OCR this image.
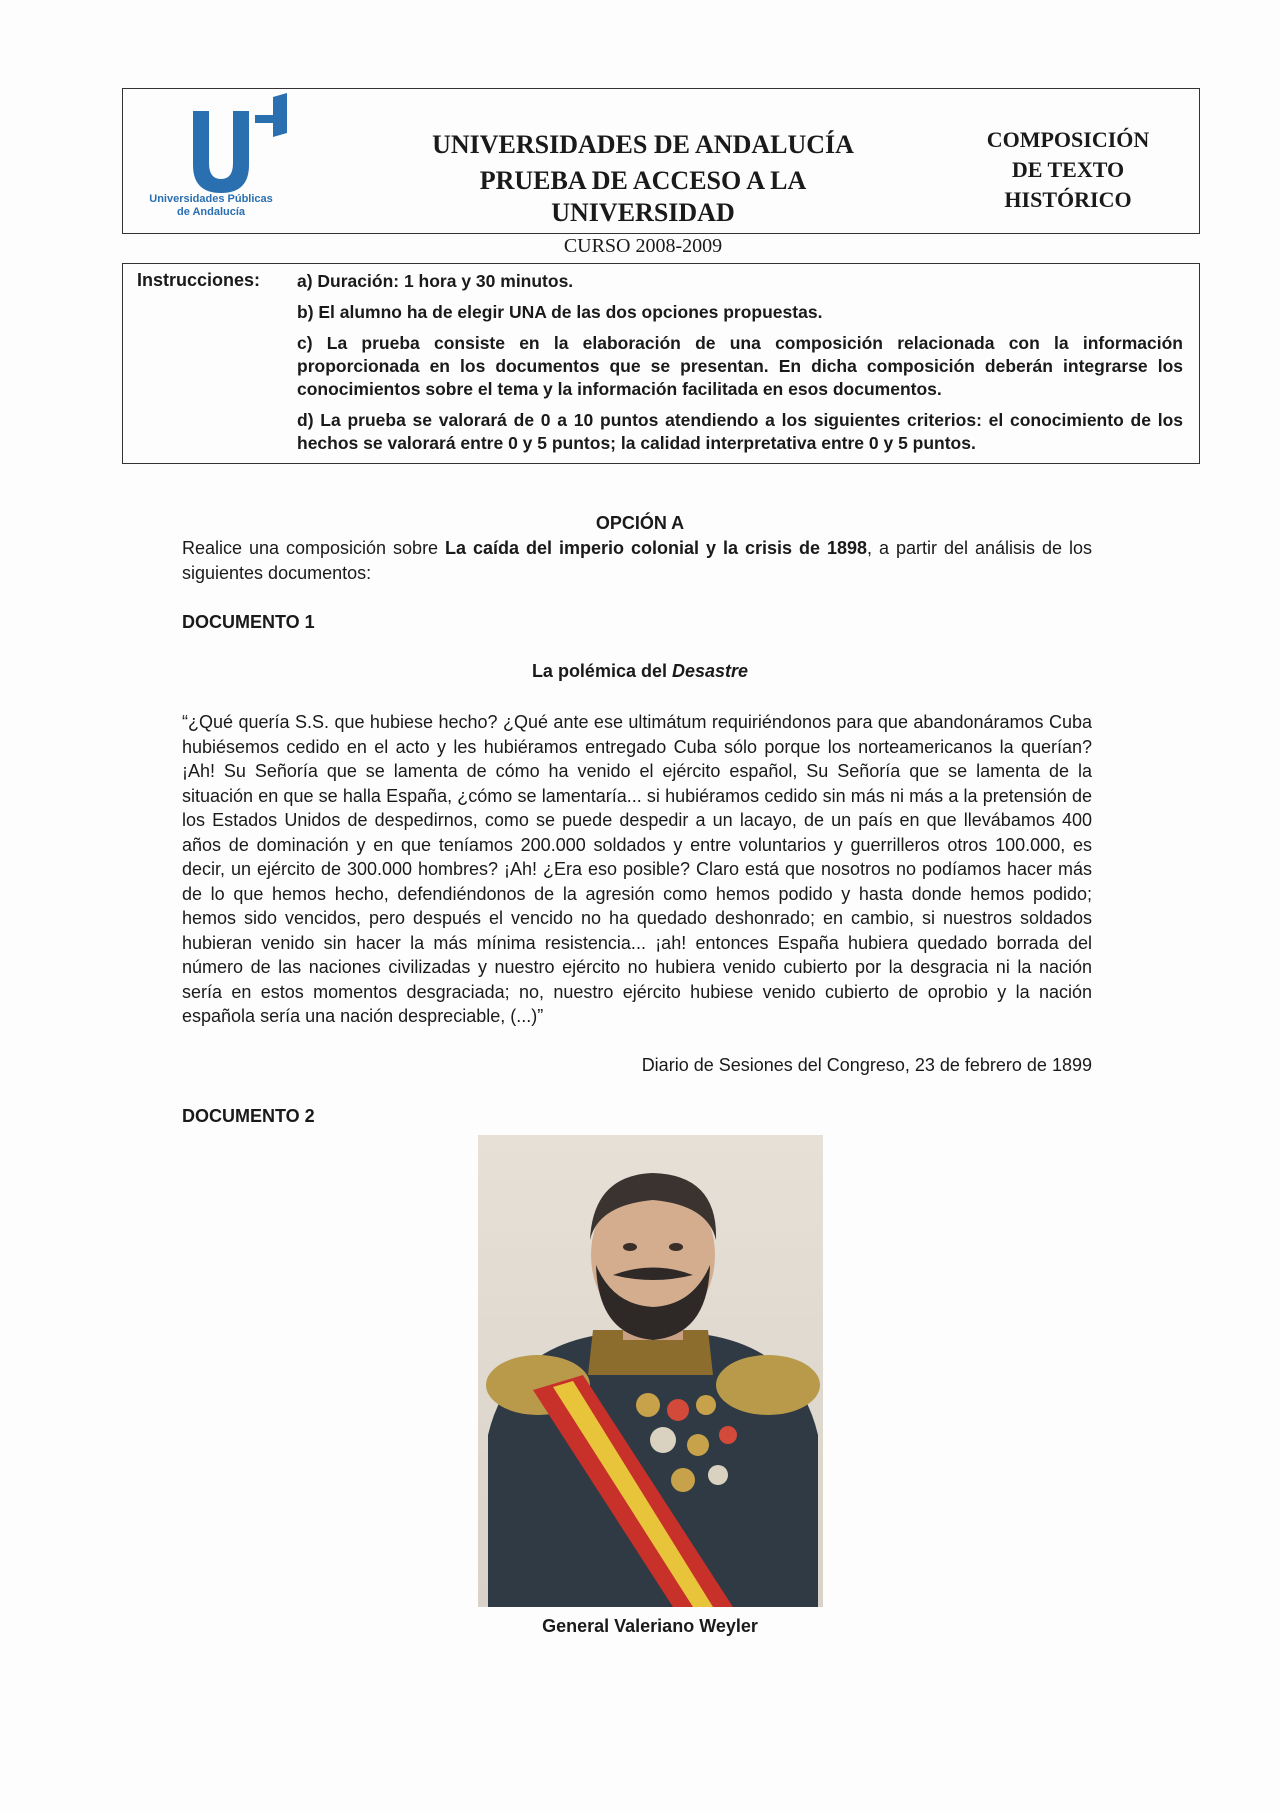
Universidades Públicas
de Andalucía
UNIVERSIDADES DE ANDALUCÍA
PRUEBA DE ACCESO A LA UNIVERSIDAD
CURSO 2008-2009
COMPOSICIÓN
DE TEXTO
HISTÓRICO
Instrucciones: a) Duración: 1 hora y 30 minutos.
b) El alumno ha de elegir UNA de las dos opciones propuestas.
c) La prueba consiste en la elaboración de una composición relacionada con la información proporcionada en los documentos que se presentan. En dicha composición deberán integrarse los conocimientos sobre el tema y la información facilitada en esos documentos.
d) La prueba se valorará de 0 a 10 puntos atendiendo a los siguientes criterios: el conocimiento de los hechos se valorará entre 0 y 5 puntos; la calidad interpretativa entre 0 y 5 puntos.
OPCIÓN A
Realice una composición sobre La caída del imperio colonial y la crisis de 1898, a partir del análisis de los siguientes documentos:
DOCUMENTO 1
La polémica del Desastre
“¿Qué quería S.S. que hubiese hecho? ¿Qué ante ese ultimátum requiriéndonos para que abandonáramos Cuba hubiésemos cedido en el acto y les hubiéramos entregado Cuba sólo porque los norteamericanos la querían? ¡Ah! Su Señoría que se lamenta de cómo ha venido el ejército español, Su Señoría que se lamenta de la situación en que se halla España, ¿cómo se lamentaría... si hubiéramos cedido sin más ni más a la pretensión de los Estados Unidos de despedirnos, como se puede despedir a un lacayo, de un país en que llevábamos 400 años de dominación y en que teníamos 200.000 soldados y entre voluntarios y guerrilleros otros 100.000, es decir, un ejército de 300.000 hombres? ¡Ah! ¿Era eso posible? Claro está que nosotros no podíamos hacer más de lo que hemos hecho, defendiéndonos de la agresión como hemos podido y hasta donde hemos podido; hemos sido vencidos, pero después el vencido no ha quedado deshonrado; en cambio, si nuestros soldados hubieran venido sin hacer la más mínima resistencia... ¡ah! entonces España hubiera quedado borrada del número de las naciones civilizadas y nuestro ejército no hubiera venido cubierto por la desgracia ni la nación sería en estos momentos desgraciada; no, nuestro ejército hubiese venido cubierto de oprobio y la nación española sería una nación despreciable, (...)”
Diario de Sesiones del Congreso, 23 de febrero de 1899
DOCUMENTO 2
General Valeriano Weyler
